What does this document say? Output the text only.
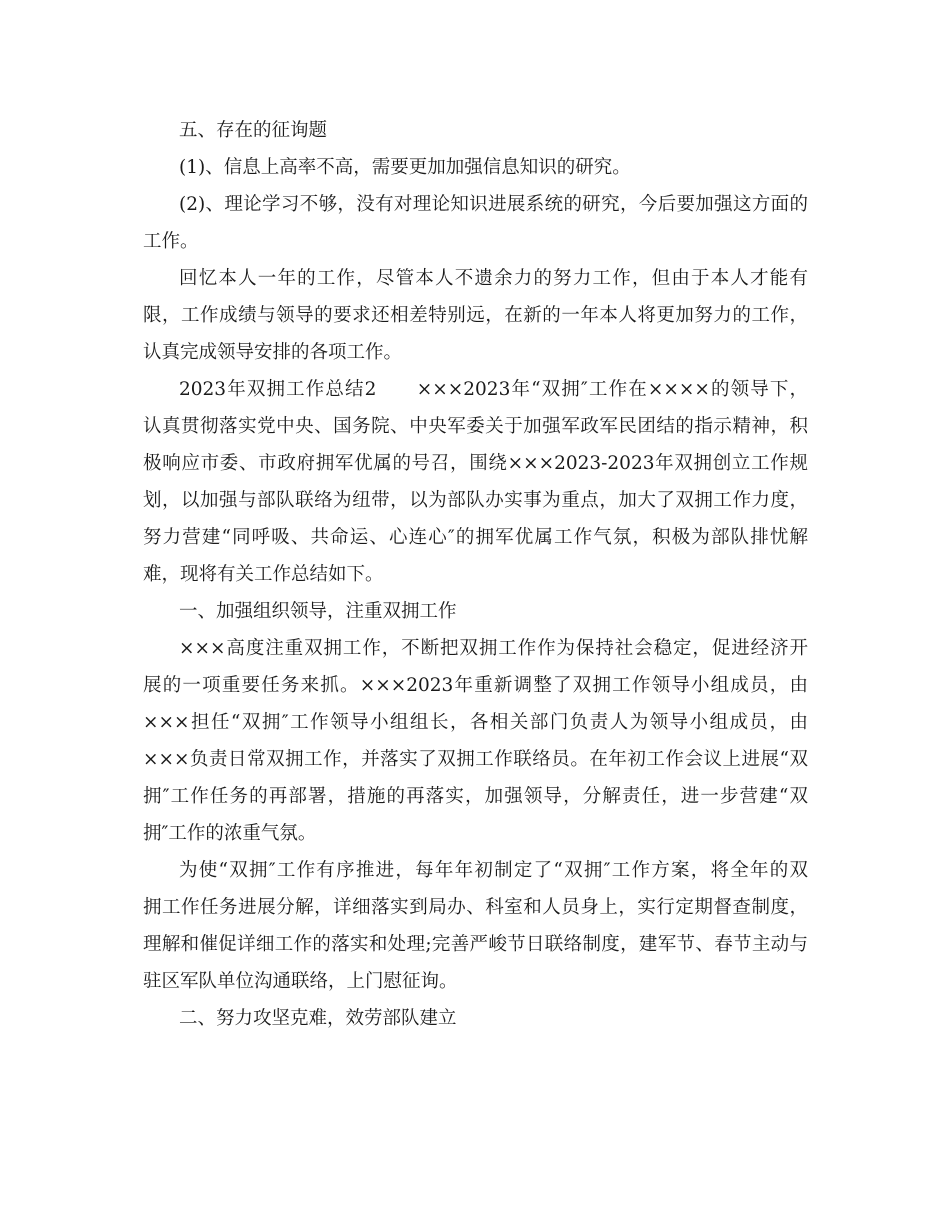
五、存在的征询题
(1)、信息上高率不高，需要更加加强信息知识的研究。
(2)、理论学习不够，没有对理论知识进展系统的研究，今后要加强这方面的
工作。
回忆本人一年的工作，尽管本人不遗余力的努力工作，但由于本人才能有
限，工作成绩与领导的要求还相差特别远，在新的一年本人将更加努力的工作，
认真完成领导安排的各项工作。
2023年双拥工作总结2　　×××2023年“双拥″工作在××××的领导下，
认真贯彻落实党中央、国务院、中央军委关于加强军政军民团结的指示精神，积
极响应市委、市政府拥军优属的号召，围绕×××2023-2023年双拥创立工作规
划，以加强与部队联络为纽带，以为部队办实事为重点，加大了双拥工作力度，
努力营建“同呼吸、共命运、心连心″的拥军优属工作气氛，积极为部队排忧解
难，现将有关工作总结如下。
一、加强组织领导，注重双拥工作
×××高度注重双拥工作，不断把双拥工作作为保持社会稳定，促进经济开
展的一项重要任务来抓。×××2023年重新调整了双拥工作领导小组成员，由
×××担任“双拥″工作领导小组组长，各相关部门负责人为领导小组成员，由
×××负责日常双拥工作，并落实了双拥工作联络员。在年初工作会议上进展“双
拥″工作任务的再部署，措施的再落实，加强领导，分解责任，进一步营建“双
拥″工作的浓重气氛。
为使“双拥″工作有序推进，每年年初制定了“双拥″工作方案，将全年的双
拥工作任务进展分解，详细落实到局办、科室和人员身上，实行定期督查制度，
理解和催促详细工作的落实和处理;完善严峻节日联络制度，建军节、春节主动与
驻区军队单位沟通联络，上门慰征询。
二、努力攻坚克难，效劳部队建立
